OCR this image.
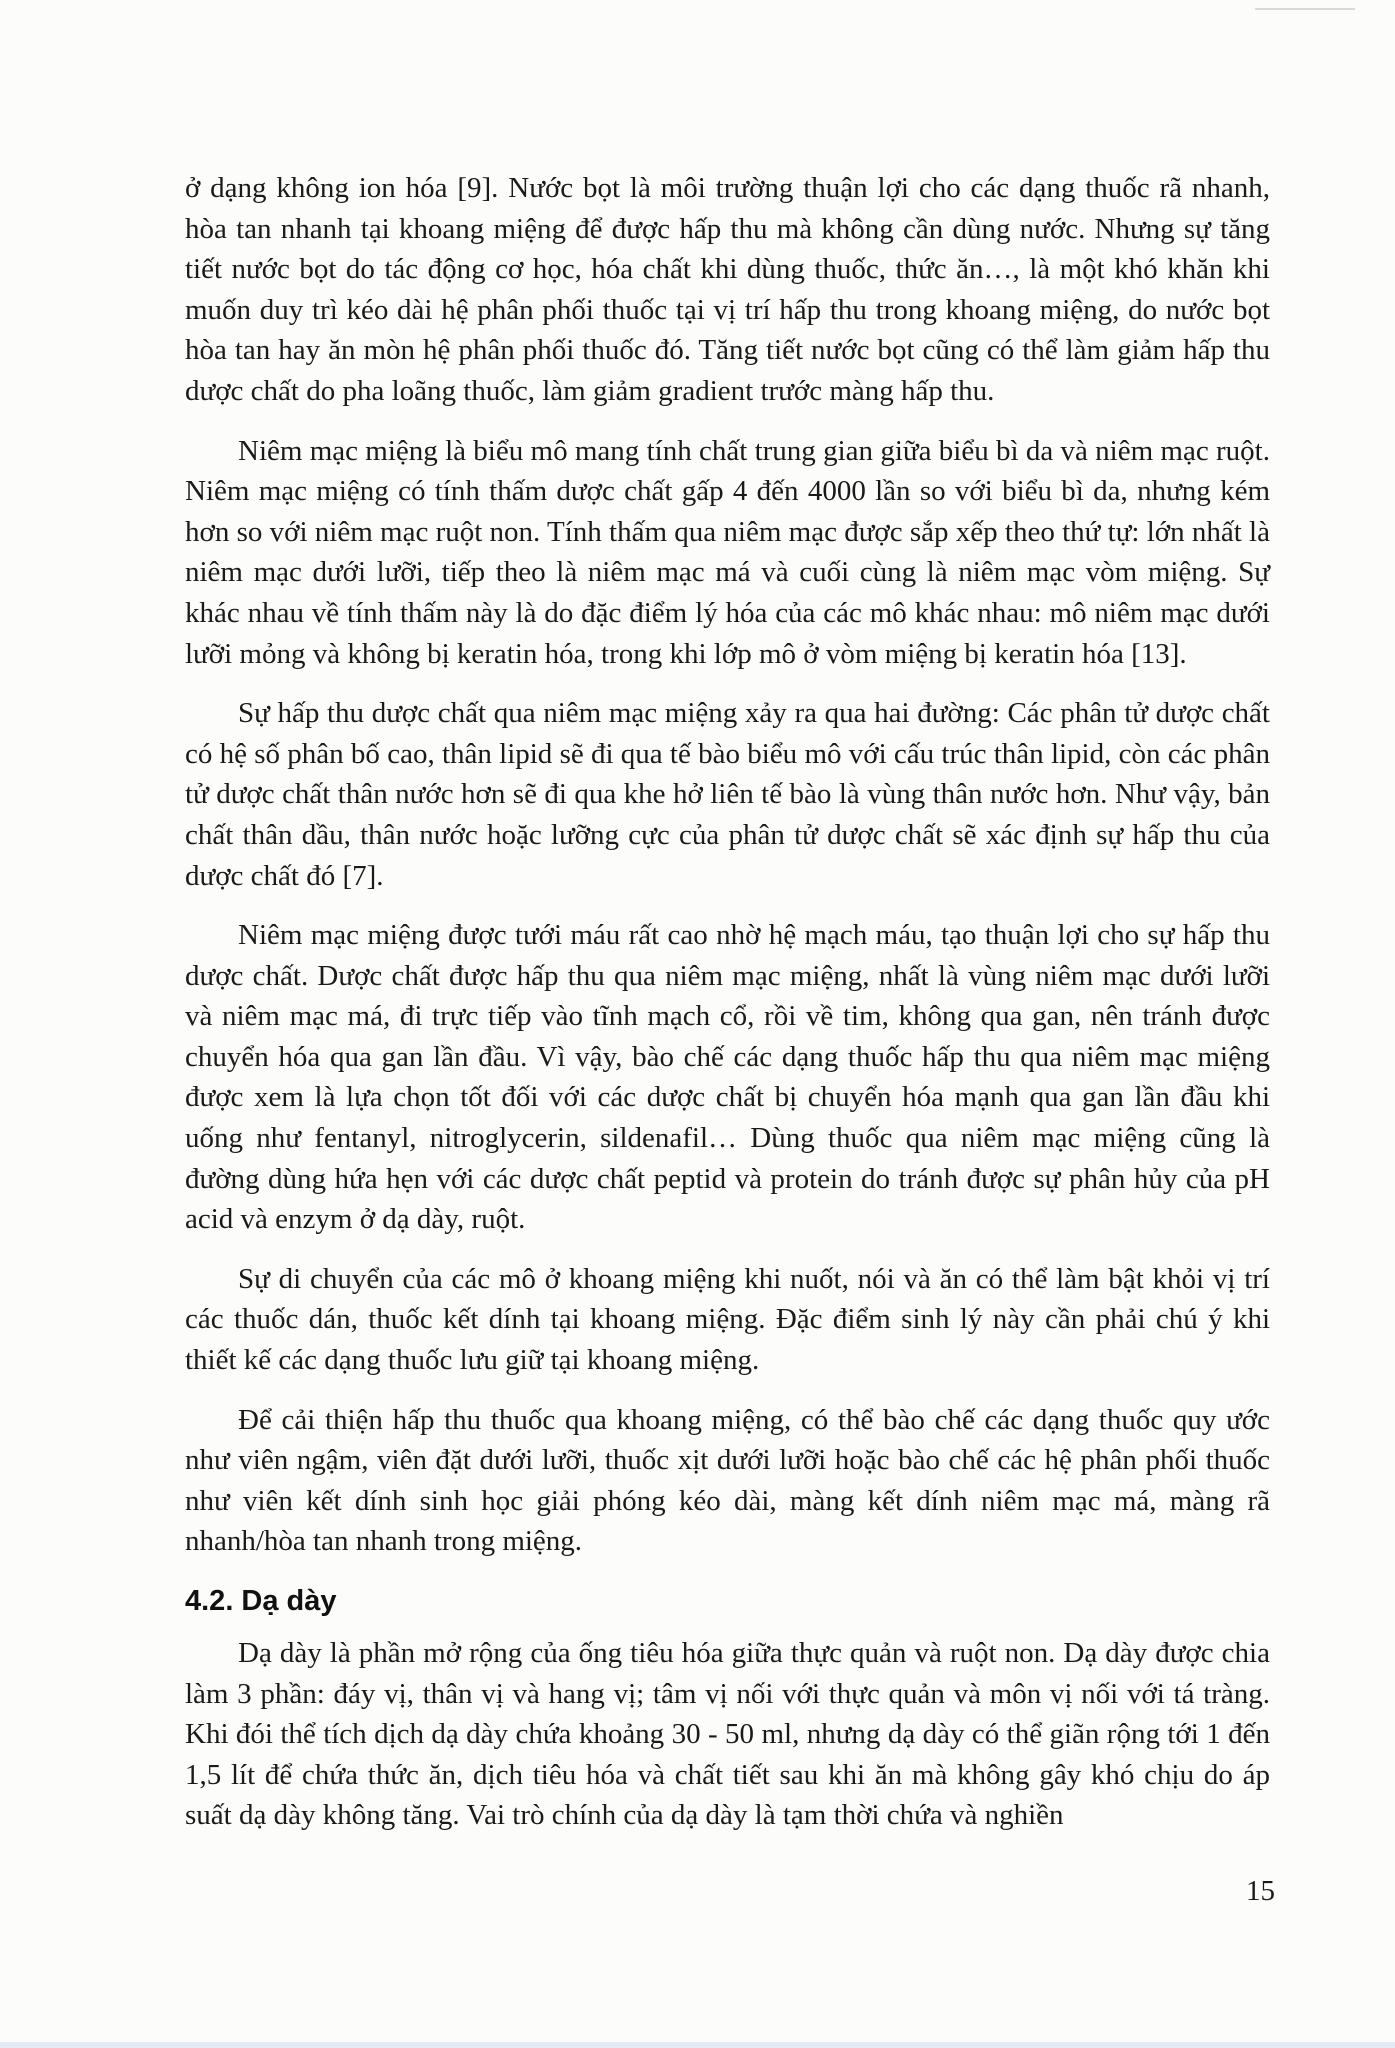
ở dạng không ion hóa [9]. Nước bọt là môi trường thuận lợi cho các dạng thuốc rã nhanh, hòa tan nhanh tại khoang miệng để được hấp thu mà không cần dùng nước. Nhưng sự tăng tiết nước bọt do tác động cơ học, hóa chất khi dùng thuốc, thức ăn…, là một khó khăn khi muốn duy trì kéo dài hệ phân phối thuốc tại vị trí hấp thu trong khoang miệng, do nước bọt hòa tan hay ăn mòn hệ phân phối thuốc đó. Tăng tiết nước bọt cũng có thể làm giảm hấp thu dược chất do pha loãng thuốc, làm giảm gradient trước màng hấp thu.

Niêm mạc miệng là biểu mô mang tính chất trung gian giữa biểu bì da và niêm mạc ruột. Niêm mạc miệng có tính thấm dược chất gấp 4 đến 4000 lần so với biểu bì da, nhưng kém hơn so với niêm mạc ruột non. Tính thấm qua niêm mạc được sắp xếp theo thứ tự: lớn nhất là niêm mạc dưới lưỡi, tiếp theo là niêm mạc má và cuối cùng là niêm mạc vòm miệng. Sự khác nhau về tính thấm này là do đặc điểm lý hóa của các mô khác nhau: mô niêm mạc dưới lưỡi mỏng và không bị keratin hóa, trong khi lớp mô ở vòm miệng bị keratin hóa [13].

Sự hấp thu dược chất qua niêm mạc miệng xảy ra qua hai đường: Các phân tử dược chất có hệ số phân bố cao, thân lipid sẽ đi qua tế bào biểu mô với cấu trúc thân lipid, còn các phân tử dược chất thân nước hơn sẽ đi qua khe hở liên tế bào là vùng thân nước hơn. Như vậy, bản chất thân dầu, thân nước hoặc lưỡng cực của phân tử dược chất sẽ xác định sự hấp thu của dược chất đó [7].

Niêm mạc miệng được tưới máu rất cao nhờ hệ mạch máu, tạo thuận lợi cho sự hấp thu dược chất. Dược chất được hấp thu qua niêm mạc miệng, nhất là vùng niêm mạc dưới lưỡi và niêm mạc má, đi trực tiếp vào tĩnh mạch cổ, rồi về tim, không qua gan, nên tránh được chuyển hóa qua gan lần đầu. Vì vậy, bào chế các dạng thuốc hấp thu qua niêm mạc miệng được xem là lựa chọn tốt đối với các dược chất bị chuyển hóa mạnh qua gan lần đầu khi uống như fentanyl, nitroglycerin, sildenafil… Dùng thuốc qua niêm mạc miệng cũng là đường dùng hứa hẹn với các dược chất peptid và protein do tránh được sự phân hủy của pH acid và enzym ở dạ dày, ruột.

Sự di chuyển của các mô ở khoang miệng khi nuốt, nói và ăn có thể làm bật khỏi vị trí các thuốc dán, thuốc kết dính tại khoang miệng. Đặc điểm sinh lý này cần phải chú ý khi thiết kế các dạng thuốc lưu giữ tại khoang miệng.

Để cải thiện hấp thu thuốc qua khoang miệng, có thể bào chế các dạng thuốc quy ước như viên ngậm, viên đặt dưới lưỡi, thuốc xịt dưới lưỡi hoặc bào chế các hệ phân phối thuốc như viên kết dính sinh học giải phóng kéo dài, màng kết dính niêm mạc má, màng rã nhanh/hòa tan nhanh trong miệng.

4.2. Dạ dày

Dạ dày là phần mở rộng của ống tiêu hóa giữa thực quản và ruột non. Dạ dày được chia làm 3 phần: đáy vị, thân vị và hang vị; tâm vị nối với thực quản và môn vị nối với tá tràng. Khi đói thể tích dịch dạ dày chứa khoảng 30 - 50 ml, nhưng dạ dày có thể giãn rộng tới 1 đến 1,5 lít để chứa thức ăn, dịch tiêu hóa và chất tiết sau khi ăn mà không gây khó chịu do áp suất dạ dày không tăng. Vai trò chính của dạ dày là tạm thời chứa và nghiền

15
